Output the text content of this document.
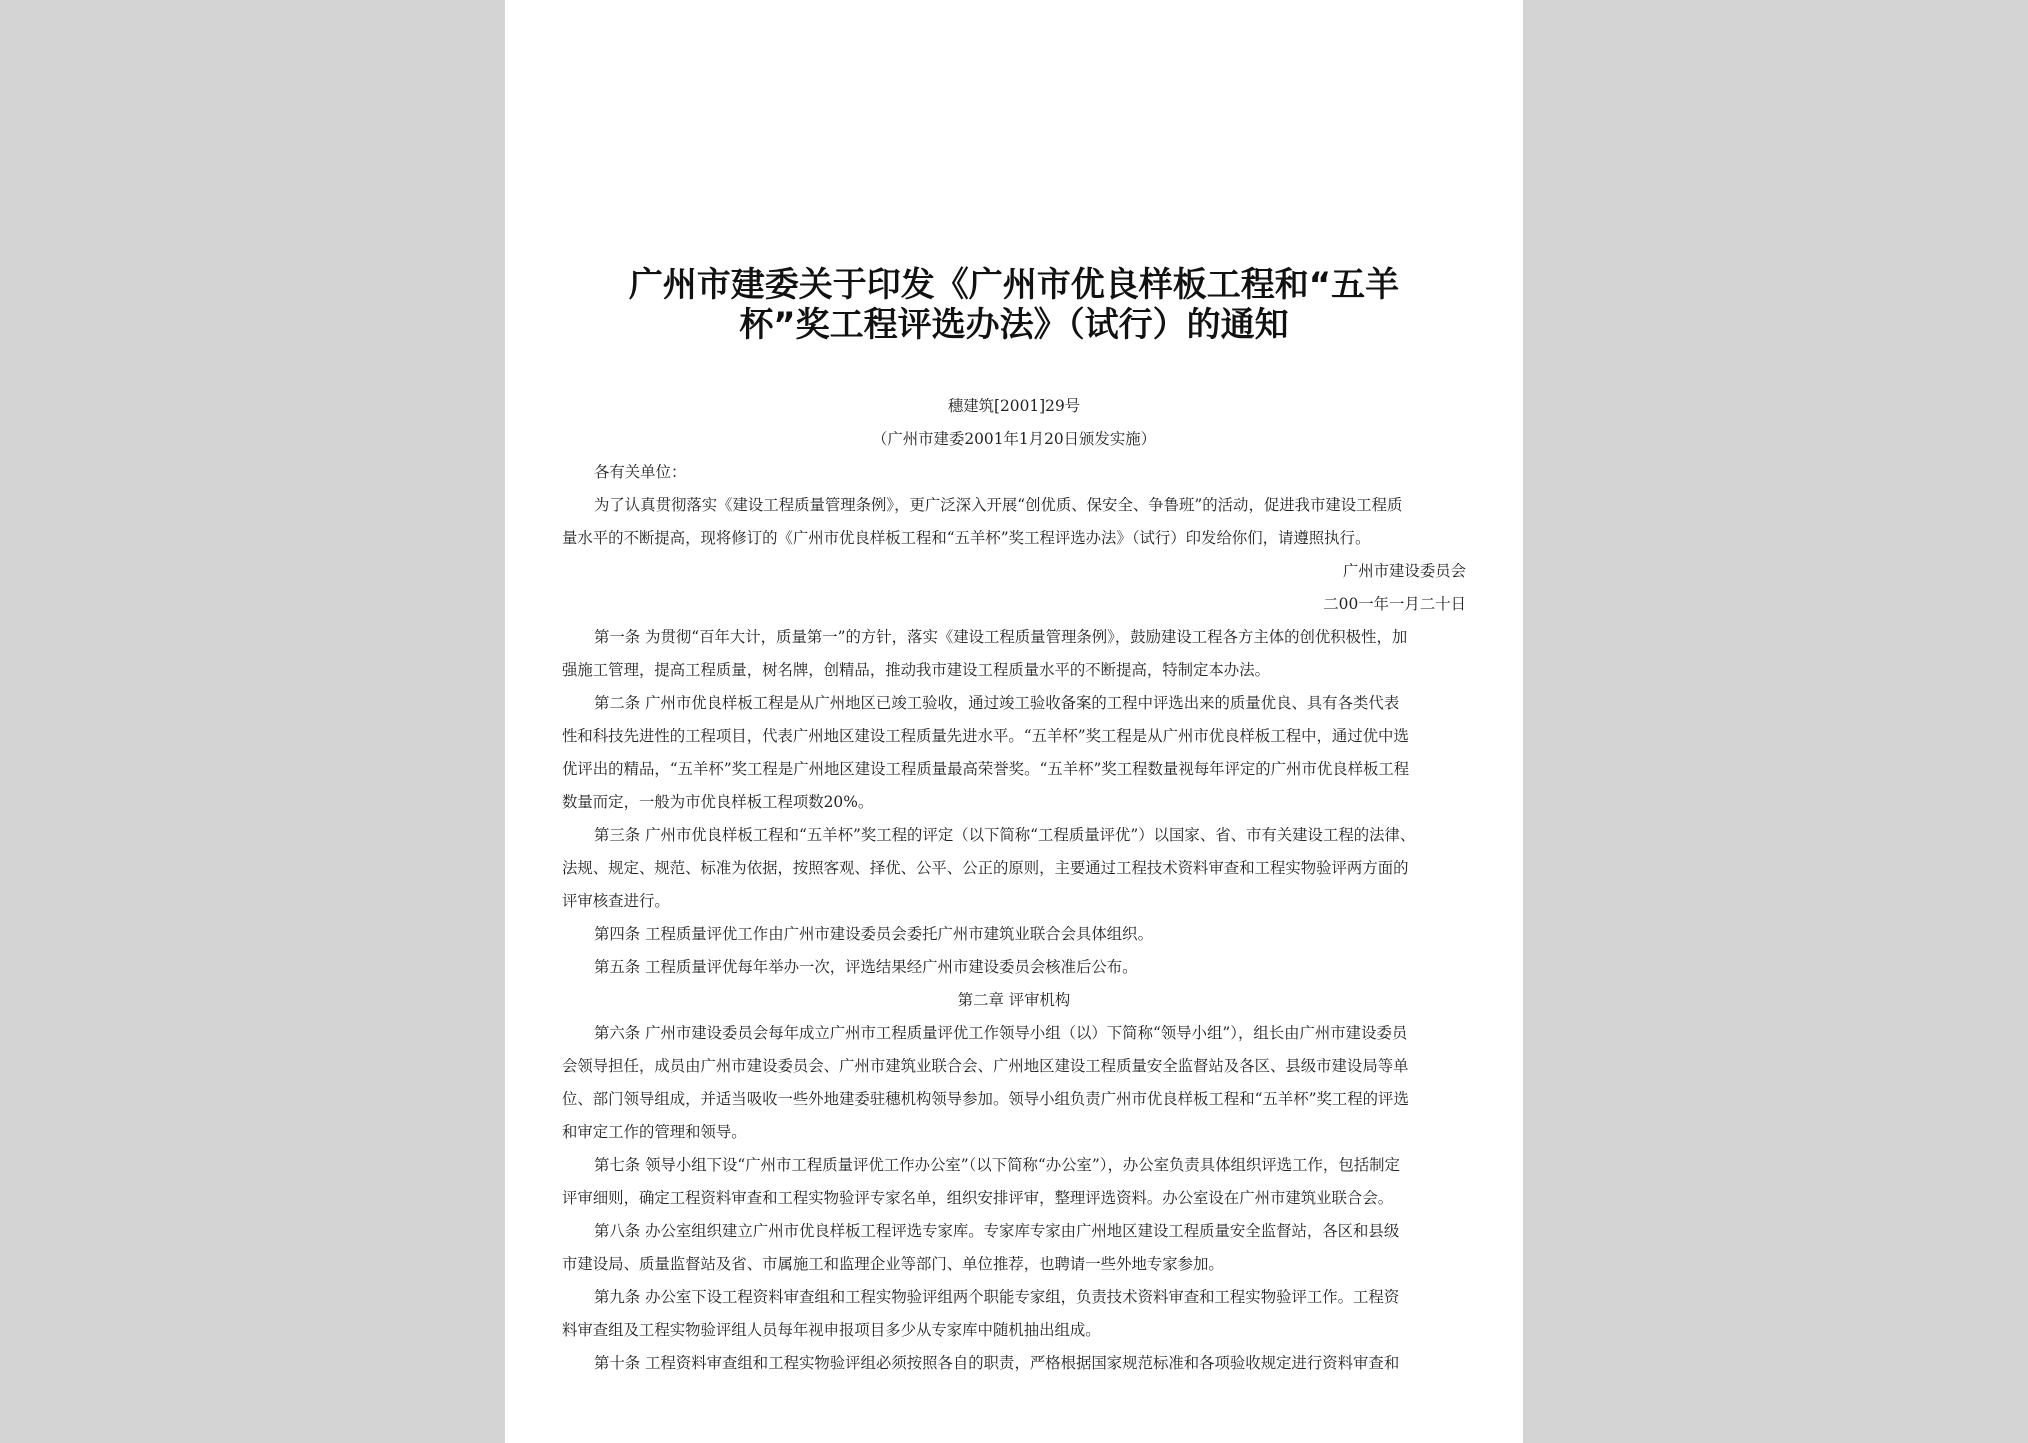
广州市建委关于印发《广州市优良样板工程和“五羊
杯”奖工程评选办法》（试行）的通知
穗建筑[2001]29号
（广州市建委2001年1月20日颁发实施）
各有关单位：
为了认真贯彻落实《建设工程质量管理条例》，更广泛深入开展“创优质、保安全、争鲁班”的活动，促进我市建设工程质
量水平的不断提高，现将修订的《广州市优良样板工程和“五羊杯”奖工程评选办法》（试行）印发给你们，请遵照执行。
广州市建设委员会
二00一年一月二十日
第一条 为贯彻“百年大计，质量第一”的方针，落实《建设工程质量管理条例》，鼓励建设工程各方主体的创优积极性，加
强施工管理，提高工程质量，树名牌，创精品，推动我市建设工程质量水平的不断提高，特制定本办法。
第二条 广州市优良样板工程是从广州地区已竣工验收，通过竣工验收备案的工程中评选出来的质量优良、具有各类代表
性和科技先进性的工程项目，代表广州地区建设工程质量先进水平。“五羊杯”奖工程是从广州市优良样板工程中，通过优中选
优评出的精品，“五羊杯”奖工程是广州地区建设工程质量最高荣誉奖。“五羊杯”奖工程数量视每年评定的广州市优良样板工程
数量而定，一般为市优良样板工程项数20%。
第三条 广州市优良样板工程和“五羊杯”奖工程的评定（以下简称“工程质量评优”）以国家、省、市有关建设工程的法律、
法规、规定、规范、标准为依据，按照客观、择优、公平、公正的原则，主要通过工程技术资料审查和工程实物验评两方面的
评审核查进行。
第四条 工程质量评优工作由广州市建设委员会委托广州市建筑业联合会具体组织。
第五条 工程质量评优每年举办一次，评选结果经广州市建设委员会核准后公布。
第二章 评审机构
第六条 广州市建设委员会每年成立广州市工程质量评优工作领导小组（以）下简称“领导小组”），组长由广州市建设委员
会领导担任，成员由广州市建设委员会、广州市建筑业联合会、广州地区建设工程质量安全监督站及各区、县级市建设局等单
位、部门领导组成，并适当吸收一些外地建委驻穗机构领导参加。领导小组负责广州市优良样板工程和“五羊杯”奖工程的评选
和审定工作的管理和领导。
第七条 领导小组下设“广州市工程质量评优工作办公室”（以下简称“办公室”），办公室负责具体组织评选工作，包括制定
评审细则，确定工程资料审查和工程实物验评专家名单，组织安排评审，整理评选资料。办公室设在广州市建筑业联合会。
第八条 办公室组织建立广州市优良样板工程评选专家库。专家库专家由广州地区建设工程质量安全监督站，各区和县级
市建设局、质量监督站及省、市属施工和监理企业等部门、单位推荐，也聘请一些外地专家参加。
第九条 办公室下设工程资料审查组和工程实物验评组两个职能专家组，负责技术资料审查和工程实物验评工作。工程资
料审查组及工程实物验评组人员每年视申报项目多少从专家库中随机抽出组成。
第十条 工程资料审查组和工程实物验评组必须按照各自的职责，严格根据国家规范标准和各项验收规定进行资料审查和
